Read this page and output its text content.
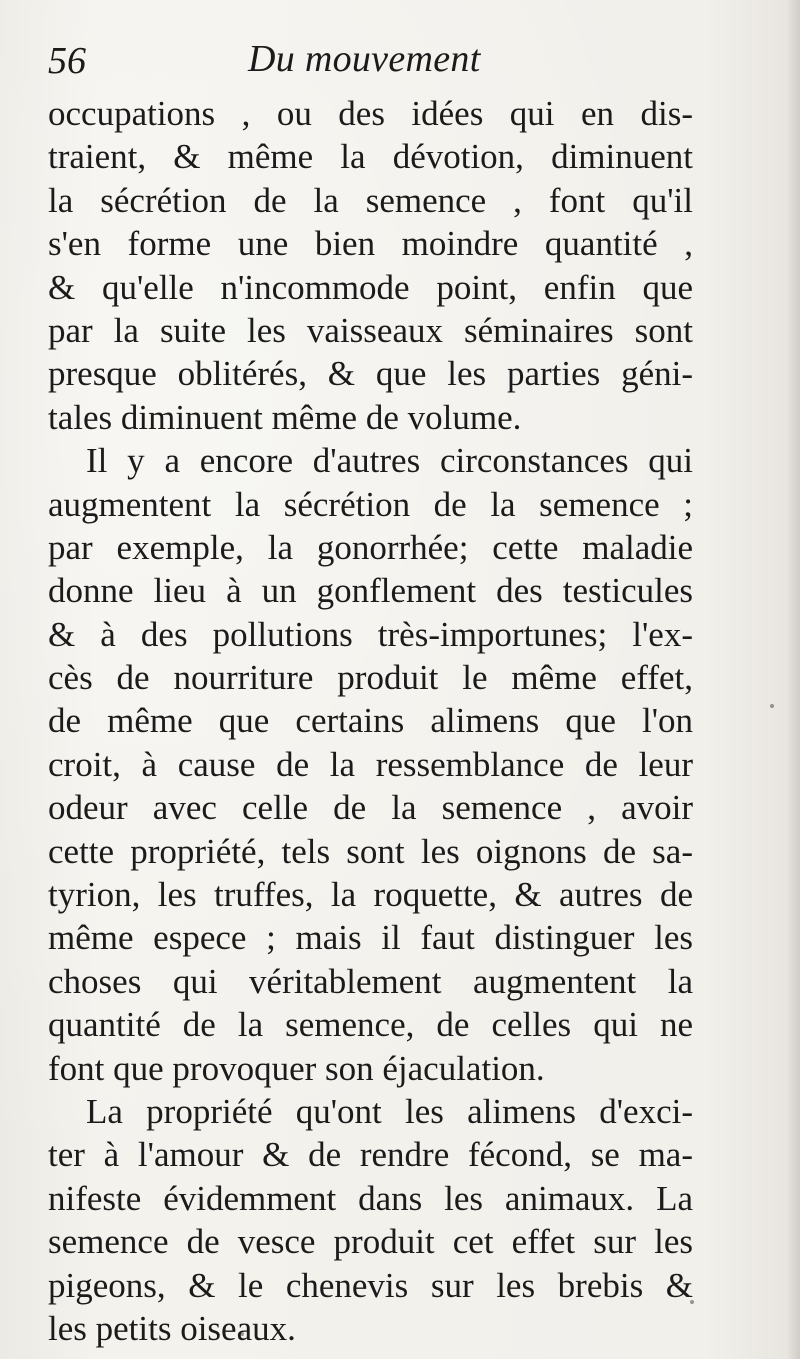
56	Du mouvement
occupations , ou des idées qui en dis-
traient, & même la dévotion, diminuent
la sécrétion de la semence , font qu'il
s'en forme une bien moindre quantité ,
& qu'elle n'incommode point, enfin que
par la suite les vaisseaux séminaires sont
presque oblitérés, & que les parties géni-
tales diminuent même de volume.
Il y a encore d'autres circonstances qui
augmentent la sécrétion de la semence ;
par exemple, la gonorrhée; cette maladie
donne lieu à un gonflement des testicules
& à des pollutions très-importunes; l'ex-
cès de nourriture produit le même effet,
de même que certains alimens que l'on
croit, à cause de la ressemblance de leur
odeur avec celle de la semence , avoir
cette propriété, tels sont les oignons de sa-
tyrion, les truffes, la roquette, & autres de
même espece ; mais il faut distinguer les
choses qui véritablement augmentent la
quantité de la semence, de celles qui ne
font que provoquer son éjaculation.
La propriété qu'ont les alimens d'exci-
ter à l'amour & de rendre fécond, se ma-
nifeste évidemment dans les animaux. La
semence de vesce produit cet effet sur les
pigeons, & le chenevis sur les brebis &
les petits oiseaux.
